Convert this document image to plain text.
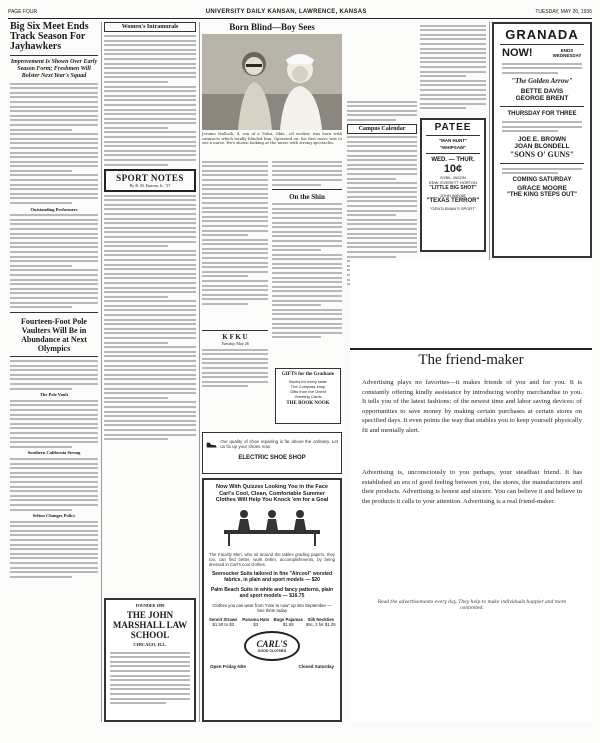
PAGE FOUR	UNIVERSITY DAILY KANSAN, LAWRENCE, KANSAS	TUESDAY, MAY 26, 1936
Big Six Meet Ends Track Season For Jayhawkers
Improvement Is Shown Over Early Season Form; Freshmen Will Bolster Next Year's Squad
Outstanding Performers
Fourteen-Foot Pole Vaulters Will Be in Abundance at Next Olympics
The Pole Vault
Southern California Strong
Sefton Changes Policy
Women's Intramurals
SPORT NOTES
By R. M. Emison, Jr., '37
FOUNDED 1899
THE JOHN MARSHALL LAW SCHOOL
CHICAGO, ILL.
Born Blind—Boy Sees
Jerome Malloch, 4, son of a Tulsa, Okla., oil worker, was born with cataracts which totally blinded him. Operated on, his first move was to see a nurse. He's shown looking at the nurse with strong spectacles.
K F K U
Tuesday, May 26
On the Shin
GIFTS for the Graduate
Books for every taste
The Compass shop
Gifts from the Orient
Greeting Cards
THE BOOK NOOK
Campus Calendar	PATEE
"MAN HUNT"
"WHIPSAW"
WED. — THUR.
10¢
SYBIL JASON
EDW. EVERETT HORTON
"LITTLE BIG SHOT"
JOHN WAYNE
"TEXAS TERROR"
"GENTLEMAN'S SPORT"
GRANADA
NOW!	ENDS WEDNESDAY
"The Golden Arrow"
BETTE DAVIS
GEORGE BRENT
THURSDAY FOR THREE
JOE E. BROWN
JOAN BLONDELL
"SONS O' GUNS"
COMING SATURDAY
GRACE MOORE
"THE KING STEPS OUT"
Our quality of shoe repairing is far above the ordinary. Let us fix up your shoes now.
ELECTRIC SHOE SHOP
Now With Quizzes Looking You in the Face Carl's Cool, Clean, Comfortable Summer Clothes Will Help You Knock 'em for a Goal
The Faculty Men, who sit around the tables grading papers, they too, can find better, work better, accomplishments, by being dressed in Carl's cool clothes.
Seersucker Suits tailored in fine "Aircool" worsted fabrics, in plain and sport models — $20
Palm Beach Suits in white and fancy patterns, plain and sport models — $16.75
Clothes you can wear from "nine to now" up into September — See them today
Sennit Straws
$1.50 to $3
Panama Hats
$3
Bugs Pajamas
$1.65
Silk Neckties
65c, 2 for $1.25
CARL'S
GOOD CLOTHES
Open Friday Nite	Closed Saturday
The friend-maker
Advertising plays no favorites—it makes friends of you and for you. It is constantly offering kindly assistance by introducing worthy merchandise to you. It tells you of the latest fashions: of the newest time and labor saving devices: of opportunities to save money by making certain purchases at certain stores on specified days. It even points the way that enables you to keep yourself physically fit and mentally alert.
Advertising is, unconsciously to you perhaps, your steadfast friend. It has established an era of good feeling between you, the stores, the manufacturers and their products. Advertising is honest and sincere. You can believe it and believe in the products it calls to your attention. Advertising is a real friend-maker.
Read the advertisements every day. They help to make individuals happier and more contented.
